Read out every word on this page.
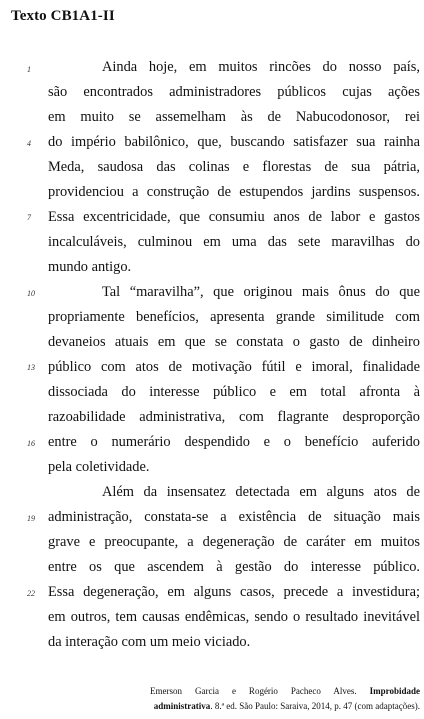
Texto CB1A1-II
1
4
7
10
13
16
19
22
Ainda hoje, em muitos rincões do nosso país,
são encontrados administradores públicos cujas ações
em muito se assemelham às de Nabucodonosor, rei
do império babilônico, que, buscando satisfazer sua rainha
Meda, saudosa das colinas e florestas de sua pátria,
providenciou a construção de estupendos jardins suspensos.
Essa excentricidade, que consumiu anos de labor e gastos
incalculáveis, culminou em uma das sete maravilhas do
mundo antigo.
Tal “maravilha”, que originou mais ônus do que
propriamente benefícios, apresenta grande similitude com
devaneios atuais em que se constata o gasto de dinheiro
público com atos de motivação fútil e imoral, finalidade
dissociada do interesse público e em total afronta à
razoabilidade administrativa, com flagrante desproporção
entre o numerário despendido e o benefício auferido
pela coletividade.
Além da insensatez detectada em alguns atos de
administração, constata-se a existência de situação mais
grave e preocupante, a degeneração de caráter em muitos
entre os que ascendem à gestão do interesse público.
Essa degeneração, em alguns casos, precede a investidura;
em outros, tem causas endêmicas, sendo o resultado inevitável
da interação com um meio viciado.
Emerson Garcia e Rogério Pacheco Alves. Improbidade
administrativa. 8.ª ed. São Paulo: Saraiva, 2014, p. 47 (com adaptações).
